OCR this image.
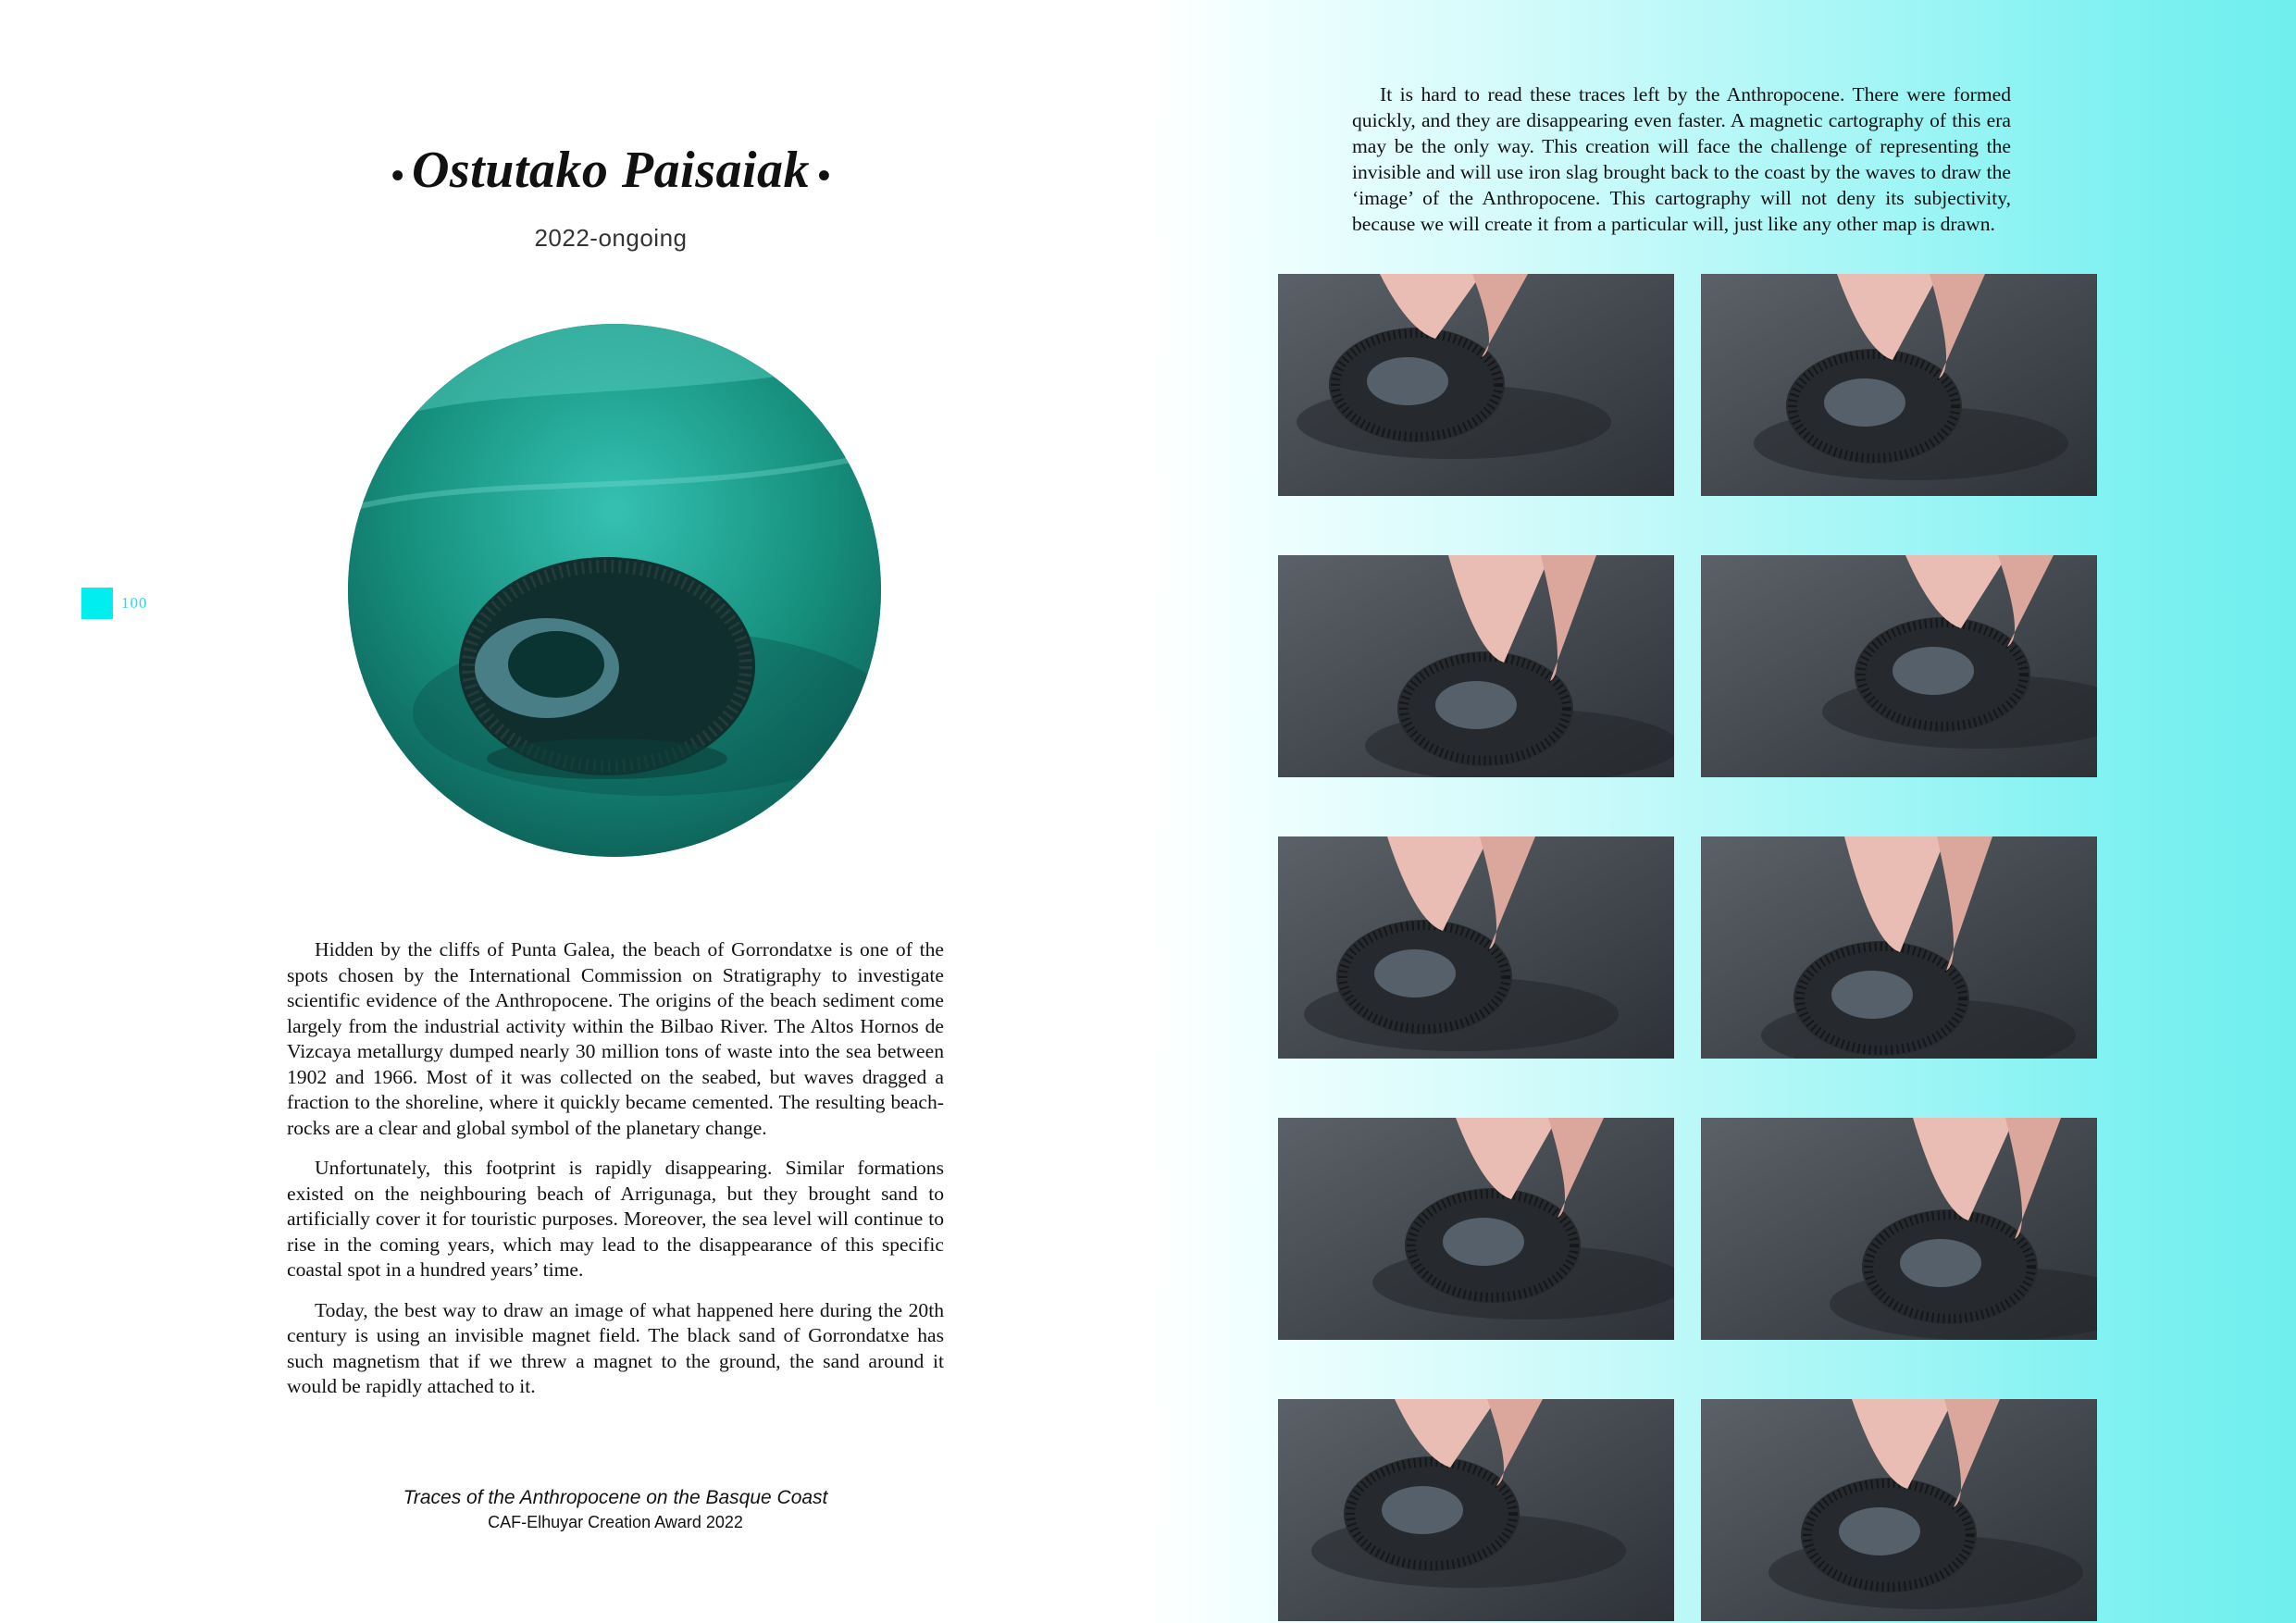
• Ostutako Paisaiak •
2022-ongoing
100

Hidden by the cliffs of Punta Galea, the beach of Gorrondatxe is one of the spots chosen by the International Commission on Stratigraphy to investigate scientific evidence of the Anthropocene. The origins of the beach sediment come largely from the industrial activity within the Bilbao River. The Altos Hornos de Vizcaya metallurgy dumped nearly 30 million tons of waste into the sea between 1902 and 1966. Most of it was collected on the seabed, but waves dragged a fraction to the shoreline, where it quickly became cemented. The resulting beach-rocks are a clear and global symbol of the planetary change.

Unfortunately, this footprint is rapidly disappearing. Similar formations existed on the neighbouring beach of Arrigunaga, but they brought sand to artificially cover it for touristic purposes. Moreover, the sea level will continue to rise in the coming years, which may lead to the disappearance of this specific coastal spot in a hundred years’ time.

Today, the best way to draw an image of what happened here during the 20th century is using an invisible magnet field. The black sand of Gorrondatxe has such magnetism that if we threw a magnet to the ground, the sand around it would be rapidly attached to it.

Traces of the Anthropocene on the Basque Coast
CAF-Elhuyar Creation Award 2022

It is hard to read these traces left by the Anthropocene. There were formed quickly, and they are disappearing even faster. A magnetic cartography of this era may be the only way. This creation will face the challenge of representing the invisible and will use iron slag brought back to the coast by the waves to draw the ‘image’ of the Anthropocene. This cartography will not deny its subjectivity, because we will create it from a particular will, just like any other map is drawn.
